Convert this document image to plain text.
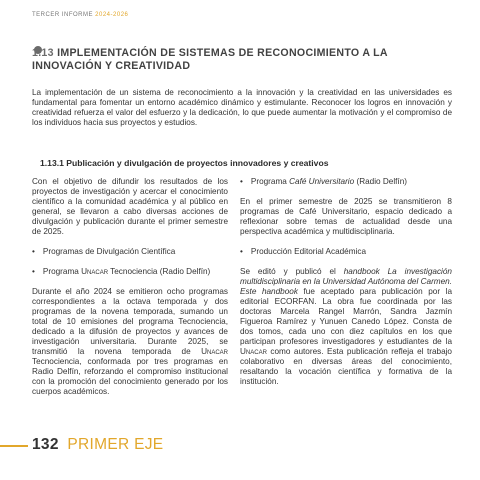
TERCER INFORME 2024-2026
1.13 IMPLEMENTACIÓN DE SISTEMAS DE RECONOCIMIENTO A LA INNOVACIÓN Y CREATIVIDAD
La implementación de un sistema de reconocimiento a la innovación y la creatividad en las universidades es fundamental para fomentar un entorno académico dinámico y estimulante. Reconocer los logros en innovación y creatividad refuerza el valor del esfuerzo y la dedicación, lo que puede aumentar la motivación y el compromiso de los individuos hacia sus proyectos y estudios.
1.13.1 Publicación y divulgación de proyectos innovadores y creativos

Con el objetivo de difundir los resultados de los proyectos de investigación y acercar el conocimiento científico a la comunidad académica y al público en general, se llevaron a cabo diversas acciones de divulgación y publicación durante el primer semestre de 2025.

• Programas de Divulgación Científica
• Programa Unacar Tecnociencia (Radio Delfín)

Durante el año 2024 se emitieron ocho programas correspondientes a la octava temporada y dos programas de la novena temporada, sumando un total de 10 emisiones del programa Tecnociencia, dedicado a la difusión de proyectos y avances de investigación universitaria. Durante 2025, se transmitió la novena temporada de Unacar Tecnociencia, conformada por tres programas en Radio Delfín, reforzando el compromiso institucional con la promoción del conocimiento generado por los cuerpos académicos.

• Programa Café Universitario (Radio Delfín)

En el primer semestre de 2025 se transmitieron 8 programas de Café Universitario, espacio dedicado a reflexionar sobre temas de actualidad desde una perspectiva académica y multidisciplinaria.

• Producción Editorial Académica

Se editó y publicó el handbook La investigación multidisciplinaria en la Universidad Autónoma del Carmen. Este handbook fue aceptado para publicación por la editorial ECORFAN. La obra fue coordinada por las doctoras Marcela Rangel Marrón, Sandra Jazmín Figueroa Ramírez y Yunuen Canedo López. Consta de dos tomos, cada uno con diez capítulos en los que participan profesores investigadores y estudiantes de la Unacar como autores. Esta publicación refleja el trabajo colaborativo en diversas áreas del conocimiento, resaltando la vocación científica y formativa de la institución.

132 PRIMER EJE
